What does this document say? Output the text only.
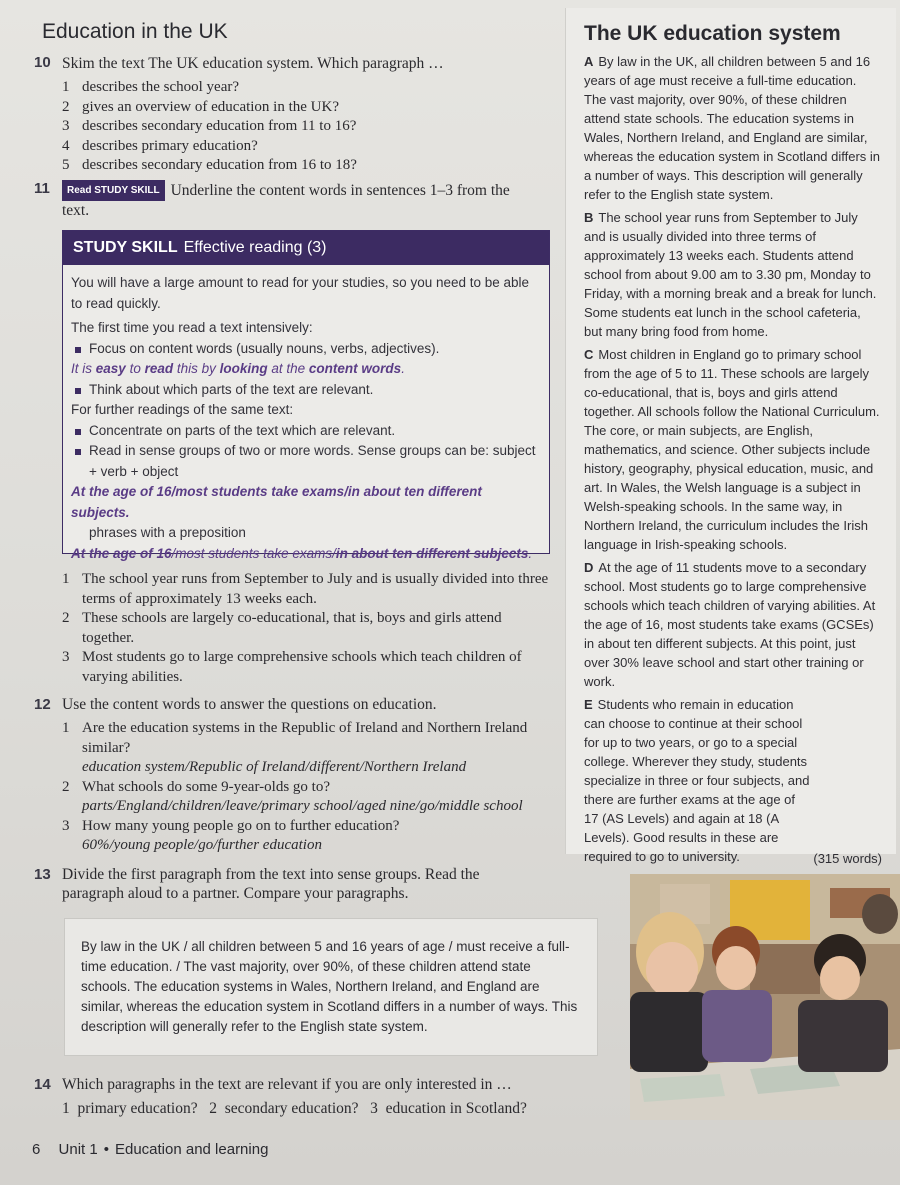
Education in the UK
10 Skim the text The UK education system. Which paragraph …
1 describes the school year?
2 gives an overview of education in the UK?
3 describes secondary education from 11 to 16?
4 describes primary education?
5 describes secondary education from 16 to 18?
11	Read STUDY SKILL Underline the content words in sentences 1–3 from the text.
STUDY SKILL Effective reading (3)

You will have a large amount to read for your studies, so you need to be able to read quickly.

The first time you read a text intensively:

Focus on content words (usually nouns, verbs, adjectives).

It is easy to read this by looking at the content words.

Think about which parts of the text are relevant.

For further readings of the same text:

Concentrate on parts of the text which are relevant.

Read in sense groups of two or more words. Sense groups can be: subject + verb + object

At the age of 16/most students take exams/in about ten different subjects.

phrases with a preposition

At the age of 16/most students take exams/in about ten different subjects.

1 The school year runs from September to July and is usually divided into three terms of approximately 13 weeks each.
2 These schools are largely co-educational, that is, boys and girls attend together.
3 Most students go to large comprehensive schools which teach children of varying abilities.
12 Use the content words to answer the questions on education.
1 Are the education systems in the Republic of Ireland and Northern Ireland similar?
education system/Republic of Ireland/different/Northern Ireland
2 What schools do some 9-year-olds go to?
parts/England/children/leave/primary school/aged nine/go/middle school
3 How many young people go on to further education?
60%/young people/go/further education
13 Divide the first paragraph from the text into sense groups. Read the paragraph aloud to a partner. Compare your paragraphs.
By law in the UK / all children between 5 and 16 years of age / must receive a full-time education. / The vast majority, over 90%, of these children attend state schools. The education systems in Wales, Northern Ireland, and England are similar, whereas the education system in Scotland differs in a number of ways. This description will generally refer to the English state system.
14 Which paragraphs in the text are relevant if you are only interested in …
1  primary education?   2  secondary education?   3  education in Scotland?
6 Unit 1 • Education and learning
The UK education system

A By law in the UK, all children between 5 and 16 years of age must receive a full-time education. The vast majority, over 90%, of these children attend state schools. The education systems in Wales, Northern Ireland, and England are similar, whereas the education system in Scotland differs in a number of ways. This description will generally refer to the English state system.

B The school year runs from September to July and is usually divided into three terms of approximately 13 weeks each. Students attend school from about 9.00 am to 3.30 pm, Monday to Friday, with a morning break and a break for lunch. Some students eat lunch in the school cafeteria, but many bring food from home.

C Most children in England go to primary school from the age of 5 to 11. These schools are largely co-educational, that is, boys and girls attend together. All schools follow the National Curriculum. The core, or main subjects, are English, mathematics, and science. Other subjects include history, geography, physical education, music, and art. In Wales, the Welsh language is a subject in Welsh-speaking schools. In the same way, in Northern Ireland, the curriculum includes the Irish language in Irish-speaking schools.

D At the age of 11 students move to a secondary school. Most students go to large comprehensive schools which teach children of varying abilities. At the age of 16, most students take exams (GCSEs) in about ten different subjects. At this point, just over 30% leave school and start other training or work.

E Students who remain in education can choose to continue at their school for up to two years, or go to a special college. Wherever they study, students specialize in three or four subjects, and there are further exams at the age of 17 (AS Levels) and again at 18 (A Levels). Good results in these are required to go to university.	(315 words)
